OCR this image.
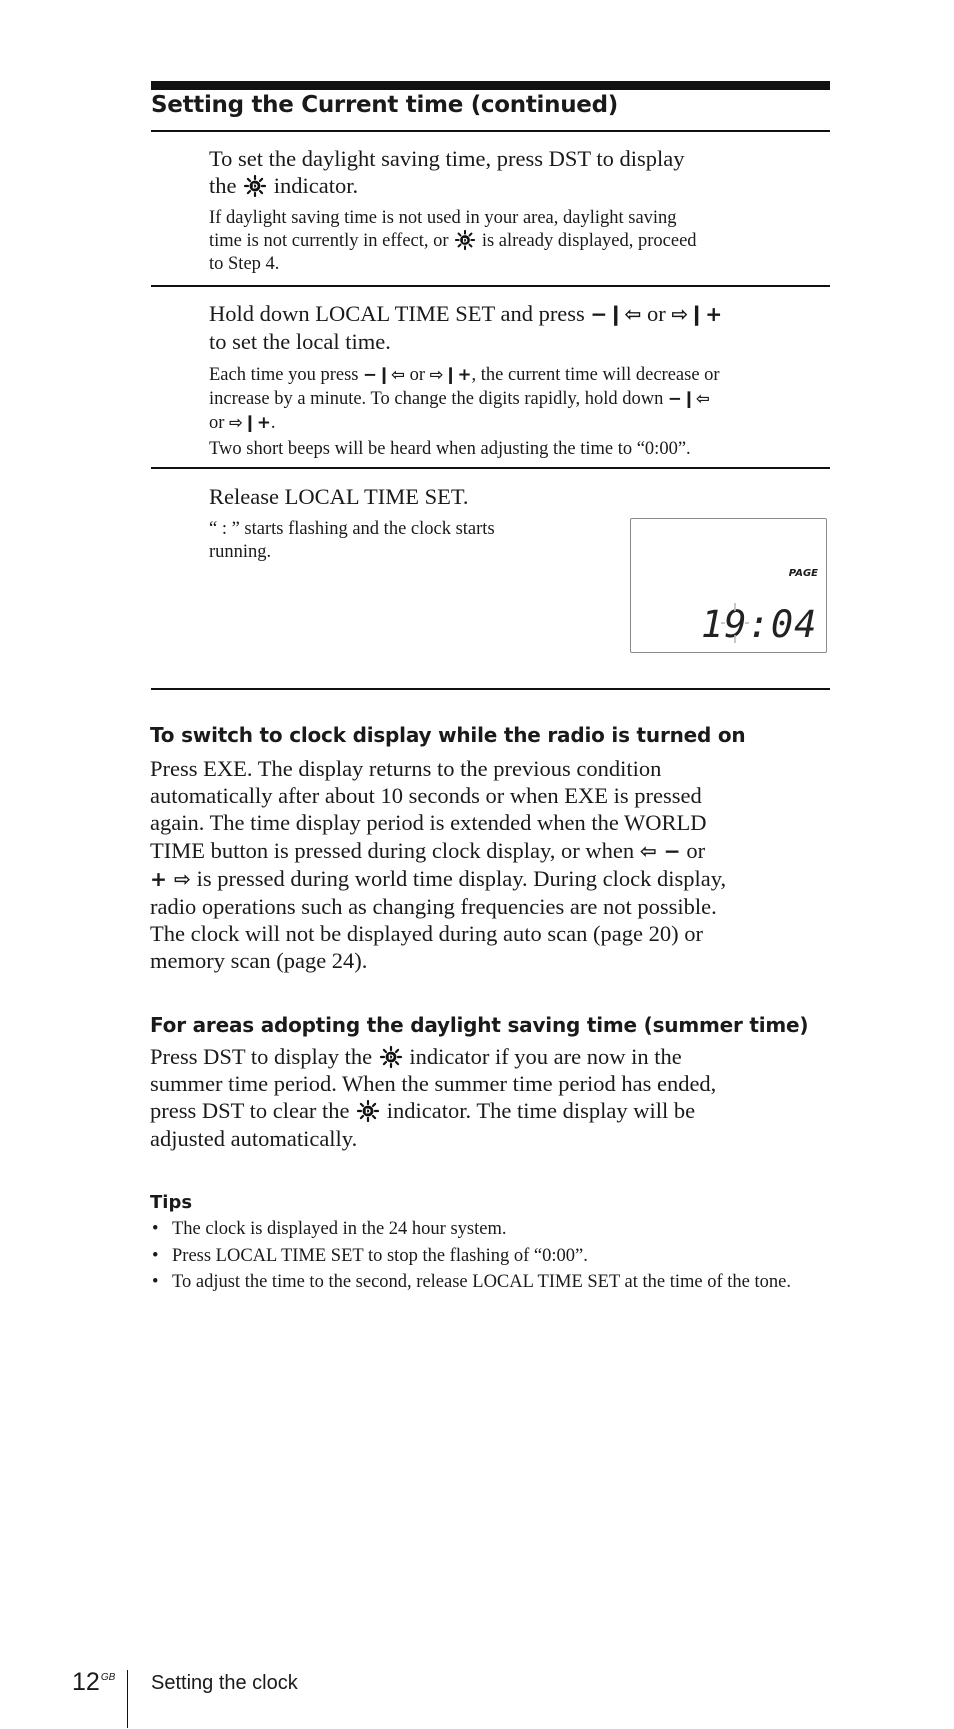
Setting the Current time (continued)
To set the daylight saving time, press DST to display
the indicator.
If daylight saving time is not used in your area, daylight saving
time is not currently in effect, or is already displayed, proceed
to Step 4.
Hold down LOCAL TIME SET and press −❙⇦ or ⇨❙+
to set the local time.
Each time you press −❙⇦ or ⇨❙+, the current time will decrease or
increase by a minute. To change the digits rapidly, hold down −❙⇦
or ⇨❙+.
Two short beeps will be heard when adjusting the time to “0:00”.
Release LOCAL TIME SET.
“ : ” starts flashing and the clock starts
running.
PAGE
19:04
To switch to clock display while the radio is turned on
Press EXE. The display returns to the previous condition
automatically after about 10 seconds or when EXE is pressed
again. The time display period is extended when the WORLD
TIME button is pressed during clock display, or when ⇦ − or
+ ⇨ is pressed during world time display. During clock display,
radio operations such as changing frequencies are not possible.
The clock will not be displayed during auto scan (page 20) or
memory scan (page 24).
For areas adopting the daylight saving time (summer time)
Press DST to display the indicator if you are now in the
summer time period. When the summer time period has ended,
press DST to clear the indicator. The time display will be
adjusted automatically.
Tips
• The clock is displayed in the 24 hour system.
• Press LOCAL TIME SET to stop the flashing of “0:00”.
• To adjust the time to the second, release LOCAL TIME SET at the time of the tone.
$12^{GB}$ Setting the clock
